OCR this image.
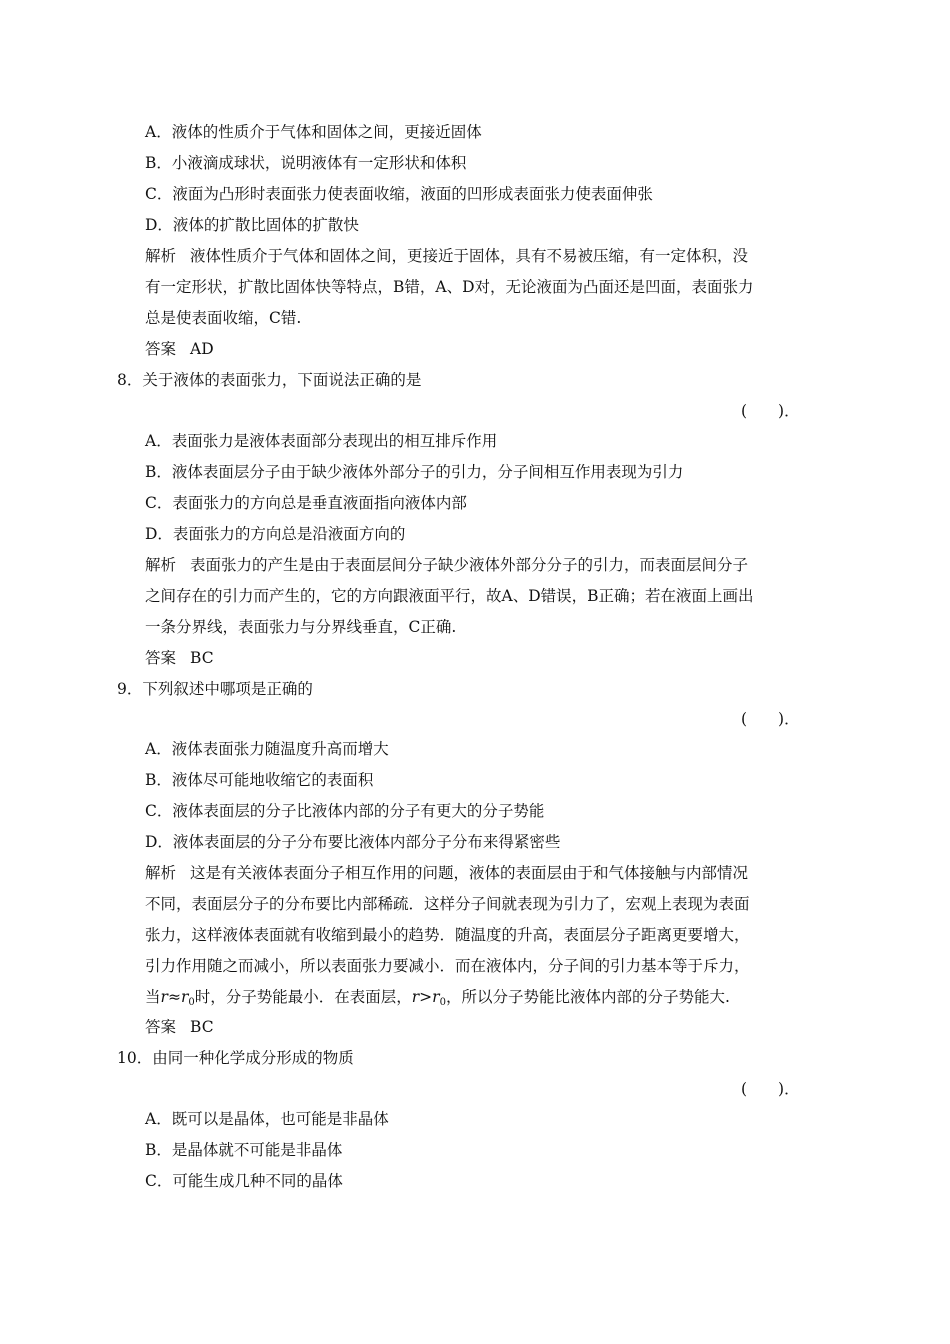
A．液体的性质介于气体和固体之间，更接近固体
B．小液滴成球状，说明液体有一定形状和体积
C．液面为凸形时表面张力使表面收缩，液面的凹形成表面张力使表面伸张
D．液体的扩散比固体的扩散快
解析 液体性质介于气体和固体之间，更接近于固体，具有不易被压缩，有一定体积，没
有一定形状，扩散比固体快等特点，B错，A、D对，无论液面为凸面还是凹面，表面张力
总是使表面收缩，C错.
答案 AD
8．关于液体的表面张力，下面说法正确的是
(　　)．
A．表面张力是液体表面部分表现出的相互排斥作用
B．液体表面层分子由于缺少液体外部分子的引力，分子间相互作用表现为引力
C．表面张力的方向总是垂直液面指向液体内部
D．表面张力的方向总是沿液面方向的
解析 表面张力的产生是由于表面层间分子缺少液体外部分分子的引力，而表面层间分子
之间存在的引力而产生的，它的方向跟液面平行，故A、D错误，B正确；若在液面上画出
一条分界线，表面张力与分界线垂直，C正确.
答案 BC
9．下列叙述中哪项是正确的
(　　)．
A．液体表面张力随温度升高而增大
B．液体尽可能地收缩它的表面积
C．液体表面层的分子比液体内部的分子有更大的分子势能
D．液体表面层的分子分布要比液体内部分子分布来得紧密些
解析 这是有关液体表面分子相互作用的问题，液体的表面层由于和气体接触与内部情况
不同，表面层分子的分布要比内部稀疏．这样分子间就表现为引力了，宏观上表现为表面
张力，这样液体表面就有收缩到最小的趋势．随温度的升高，表面层分子距离更要增大，
引力作用随之而减小，所以表面张力要减小．而在液体内，分子间的引力基本等于斥力，
当$r\approx r_0$时，分子势能最小．在表面层，$r>r_0$，所以分子势能比液体内部的分子势能大.
答案 BC
10．由同一种化学成分形成的物质
(　　)．
A．既可以是晶体，也可能是非晶体
B．是晶体就不可能是非晶体
C．可能生成几种不同的晶体
